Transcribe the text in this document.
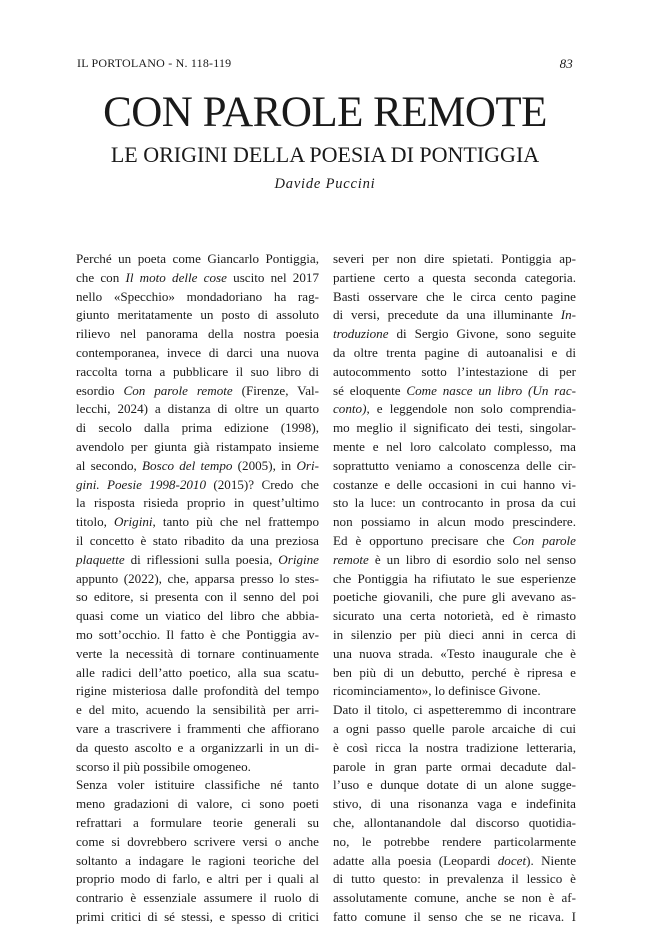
IL PORTOLANO - N. 118-119	83
CON PAROLE REMOTE
LE ORIGINI DELLA POESIA DI PONTIGGIA
Davide Puccini
Perché un poeta come Giancarlo Pontiggia,
che con Il moto delle cose uscito nel 2017
nello «Specchio» mondadoriano ha rag-
giunto meritatamente un posto di assoluto
rilievo nel panorama della nostra poesia
contemporanea, invece di darci una nuova
raccolta torna a pubblicare il suo libro di
esordio Con parole remote (Firenze, Val-
lecchi, 2024) a distanza di oltre un quarto
di secolo dalla prima edizione (1998),
avendolo per giunta già ristampato insieme
al secondo, Bosco del tempo (2005), in Ori-
gini. Poesie 1998-2010 (2015)? Credo che
la risposta risieda proprio in quest’ultimo
titolo, Origini, tanto più che nel frattempo
il concetto è stato ribadito da una preziosa
plaquette di riflessioni sulla poesia, Origine
appunto (2022), che, apparsa presso lo stes-
so editore, si presenta con il senno del poi
quasi come un viatico del libro che abbia-
mo sott’occhio. Il fatto è che Pontiggia av-
verte la necessità di tornare continuamente
alle radici dell’atto poetico, alla sua scatu-
rigine misteriosa dalle profondità del tempo
e del mito, acuendo la sensibilità per arri-
vare a trascrivere i frammenti che affiorano
da questo ascolto e a organizzarli in un di-
scorso il più possibile omogeneo.
Senza voler istituire classifiche né tanto
meno gradazioni di valore, ci sono poeti
refrattari a formulare teorie generali su
come si dovrebbero scrivere versi o anche
soltanto a indagare le ragioni teoriche del
proprio modo di farlo, e altri per i quali al
contrario è essenziale assumere il ruolo di
primi critici di sé stessi, e spesso di critici
severi per non dire spietati. Pontiggia ap-
partiene certo a questa seconda categoria.
Basti osservare che le circa cento pagine
di versi, precedute da una illuminante In-
troduzione di Sergio Givone, sono seguite
da oltre trenta pagine di autoanalisi e di
autocommento sotto l’intestazione di per
sé eloquente Come nasce un libro (Un rac-
conto), e leggendole non solo comprendia-
mo meglio il significato dei testi, singolar-
mente e nel loro calcolato complesso, ma
soprattutto veniamo a conoscenza delle cir-
costanze e delle occasioni in cui hanno vi-
sto la luce: un controcanto in prosa da cui
non possiamo in alcun modo prescindere.
Ed è opportuno precisare che Con parole
remote è un libro di esordio solo nel senso
che Pontiggia ha rifiutato le sue esperienze
poetiche giovanili, che pure gli avevano as-
sicurato una certa notorietà, ed è rimasto
in silenzio per più dieci anni in cerca di
una nuova strada. «Testo inaugurale che è
ben più di un debutto, perché è ripresa e
ricominciamento», lo definisce Givone.
Dato il titolo, ci aspetteremmo di incontrare
a ogni passo quelle parole arcaiche di cui
è così ricca la nostra tradizione letteraria,
parole in gran parte ormai decadute dal-
l’uso e dunque dotate di un alone sugge-
stivo, di una risonanza vaga e indefinita
che, allontanandole dal discorso quotidia-
no, le potrebbe rendere particolarmente
adatte alla poesia (Leopardi docet). Niente
di tutto questo: in prevalenza il lessico è
assolutamente comune, anche se non è af-
fatto comune il senso che se ne ricava. I
